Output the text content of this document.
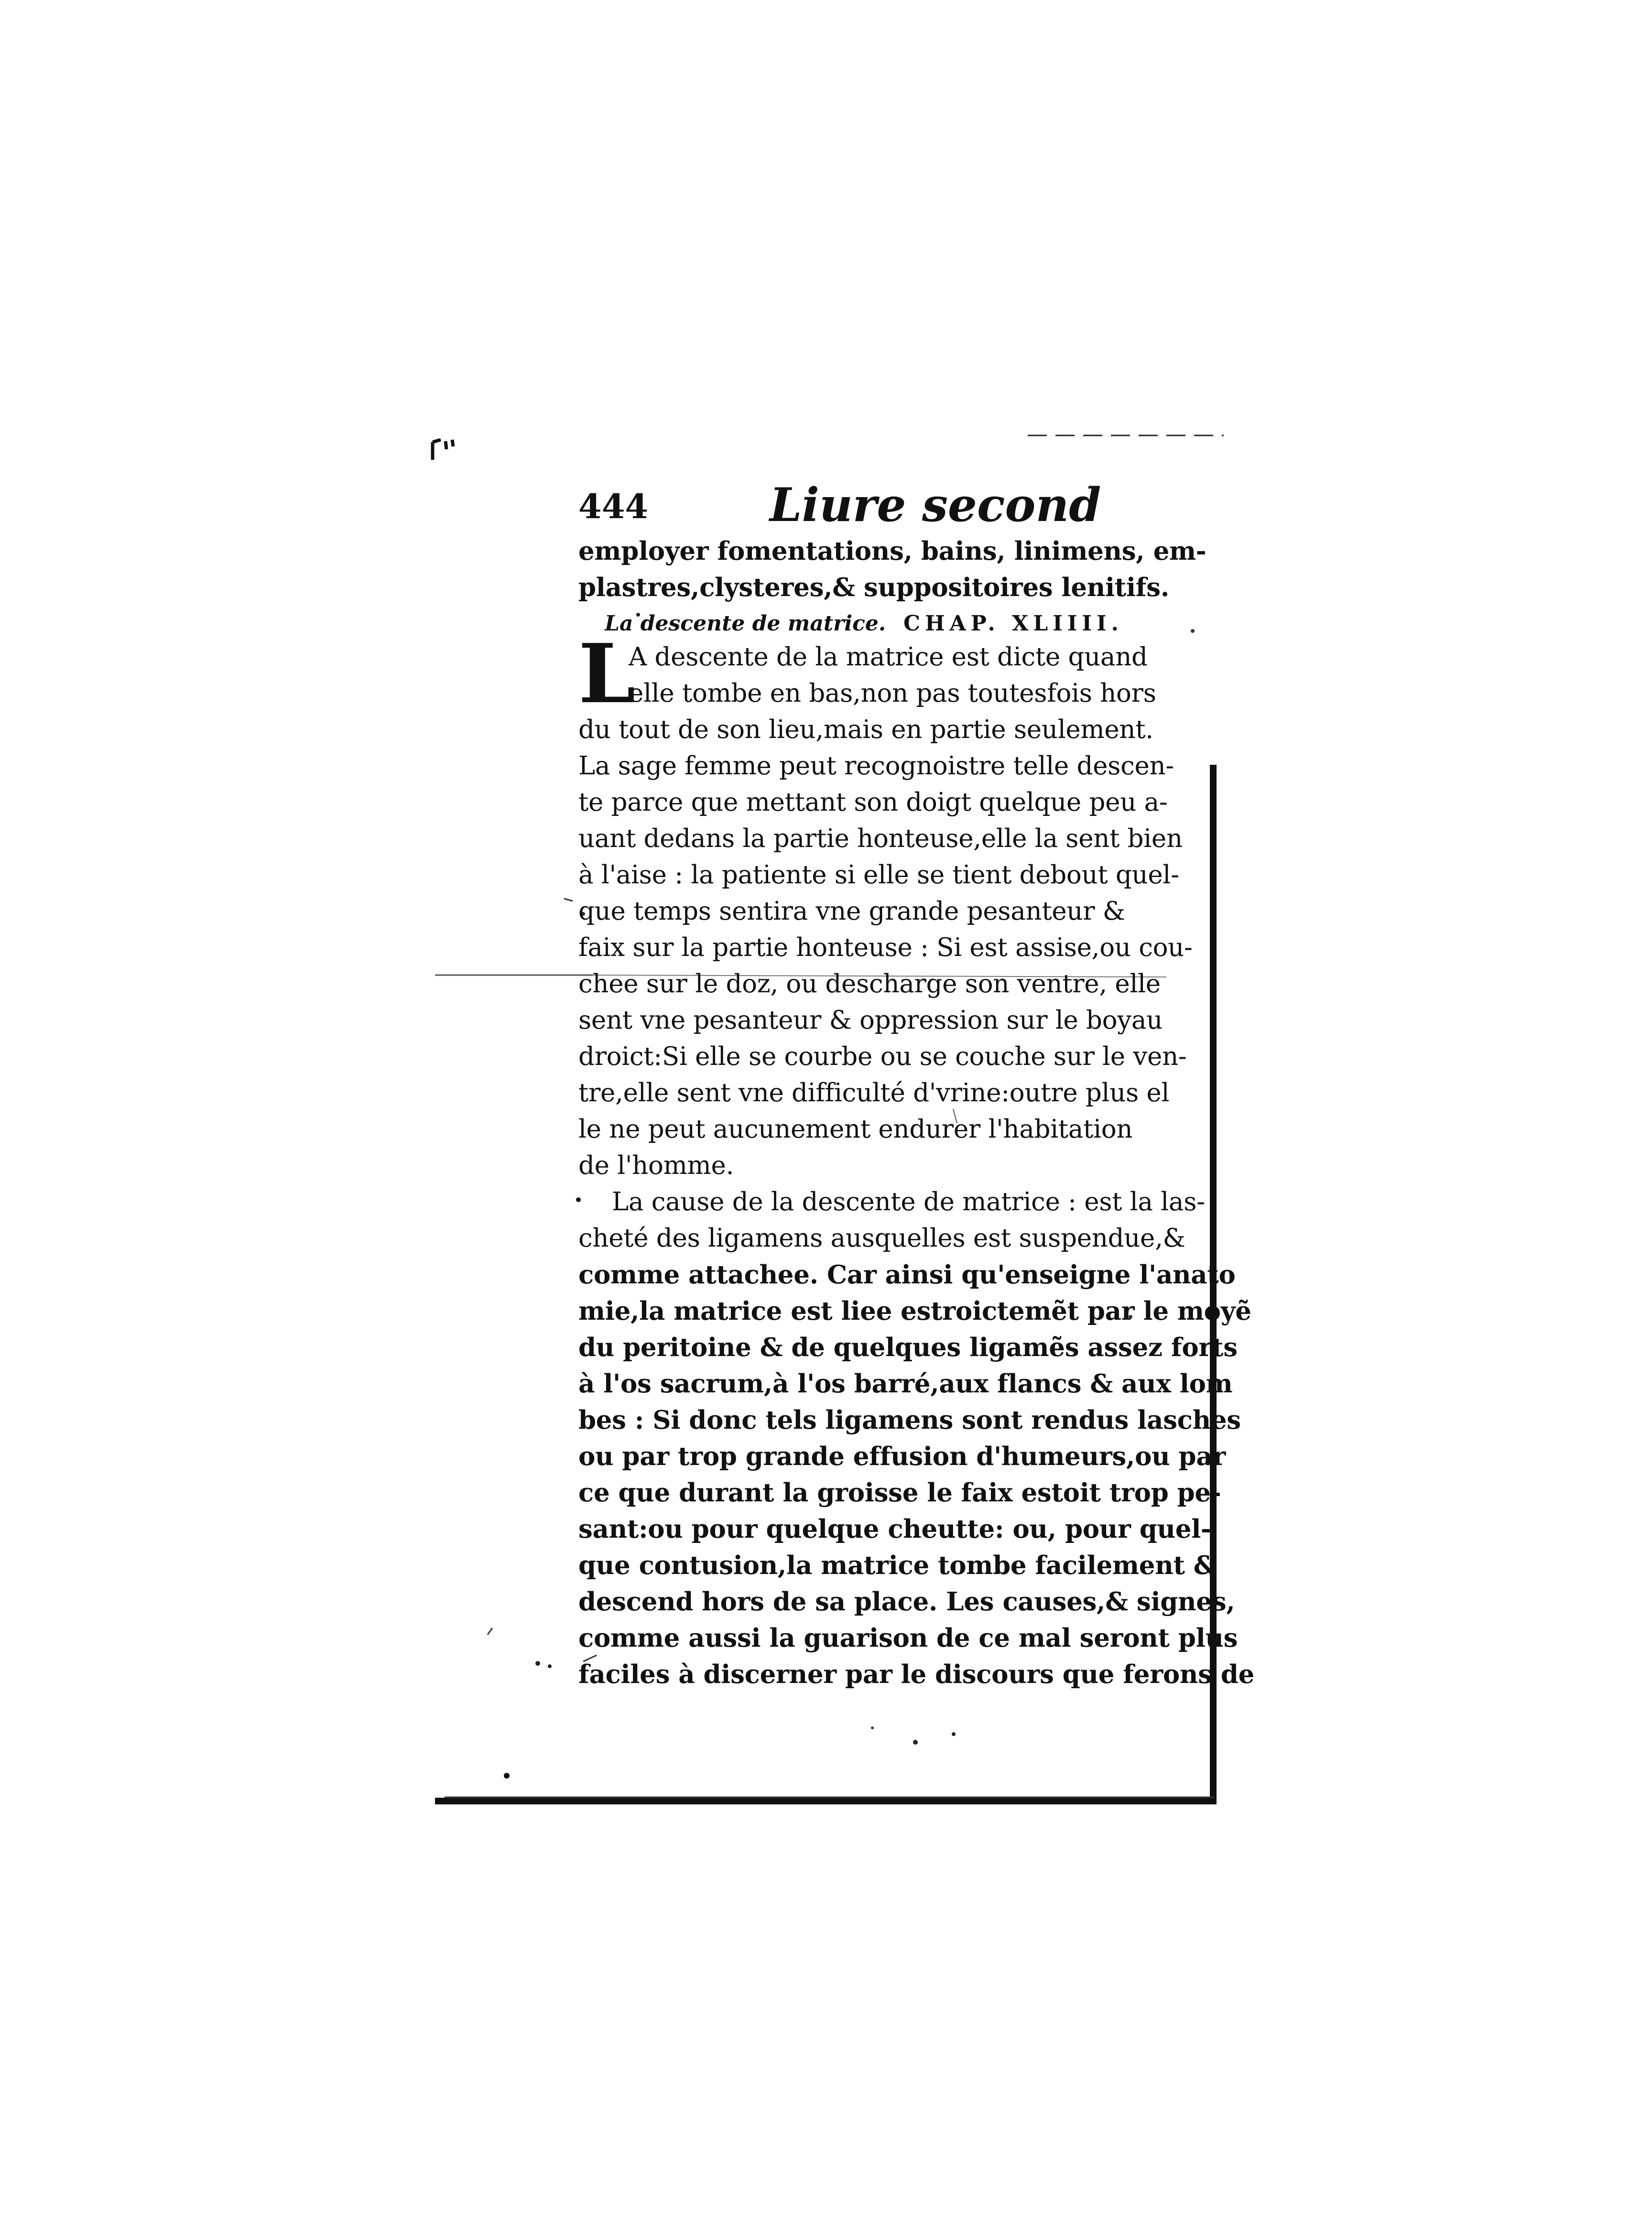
444	Liure second
employer fomentations, bains, linimens, em-
plastres,clysteres,& suppositoires lenitifs.
La descente de matrice. CHAP. XLIIII.
L
A descente de la matrice est dicte quand
elle tombe en bas,non pas toutesfois hors
du tout de son lieu,mais en partie seulement.
La sage femme peut recognoistre telle descen-
te parce que mettant son doigt quelque peu a-
uant dedans la partie honteuse,elle la sent bien
à l'aise : la patiente si elle se tient debout quel-
que temps sentira vne grande pesanteur &
faix sur la partie honteuse : Si est assise,ou cou-
chee sur le doz, ou descharge son ventre, elle
sent vne pesanteur & oppression sur le boyau
droict:Si elle se courbe ou se couche sur le ven-
tre,elle sent vne difficulté d'vrine:outre plus el
le ne peut aucunement endurer l'habitation
de l'homme.
La cause de la descente de matrice : est la las-
cheté des ligamens ausquelles est suspendue,&
comme attachee. Car ainsi qu'enseigne l'anato
mie,la matrice est liee estroictemẽt par le moyẽ
du peritoine & de quelques ligamẽs assez forts
à l'os sacrum,à l'os barré,aux flancs & aux lom
bes : Si donc tels ligamens sont rendus lasches
ou par trop grande effusion d'humeurs,ou par
ce que durant la groisse le faix estoit trop pe-
sant:ou pour quelque cheutte: ou, pour quel-
que contusion,la matrice tombe facilement &
descend hors de sa place. Les causes,& signes,
comme aussi la guarison de ce mal seront plus
faciles à discerner par le discours que ferons de
